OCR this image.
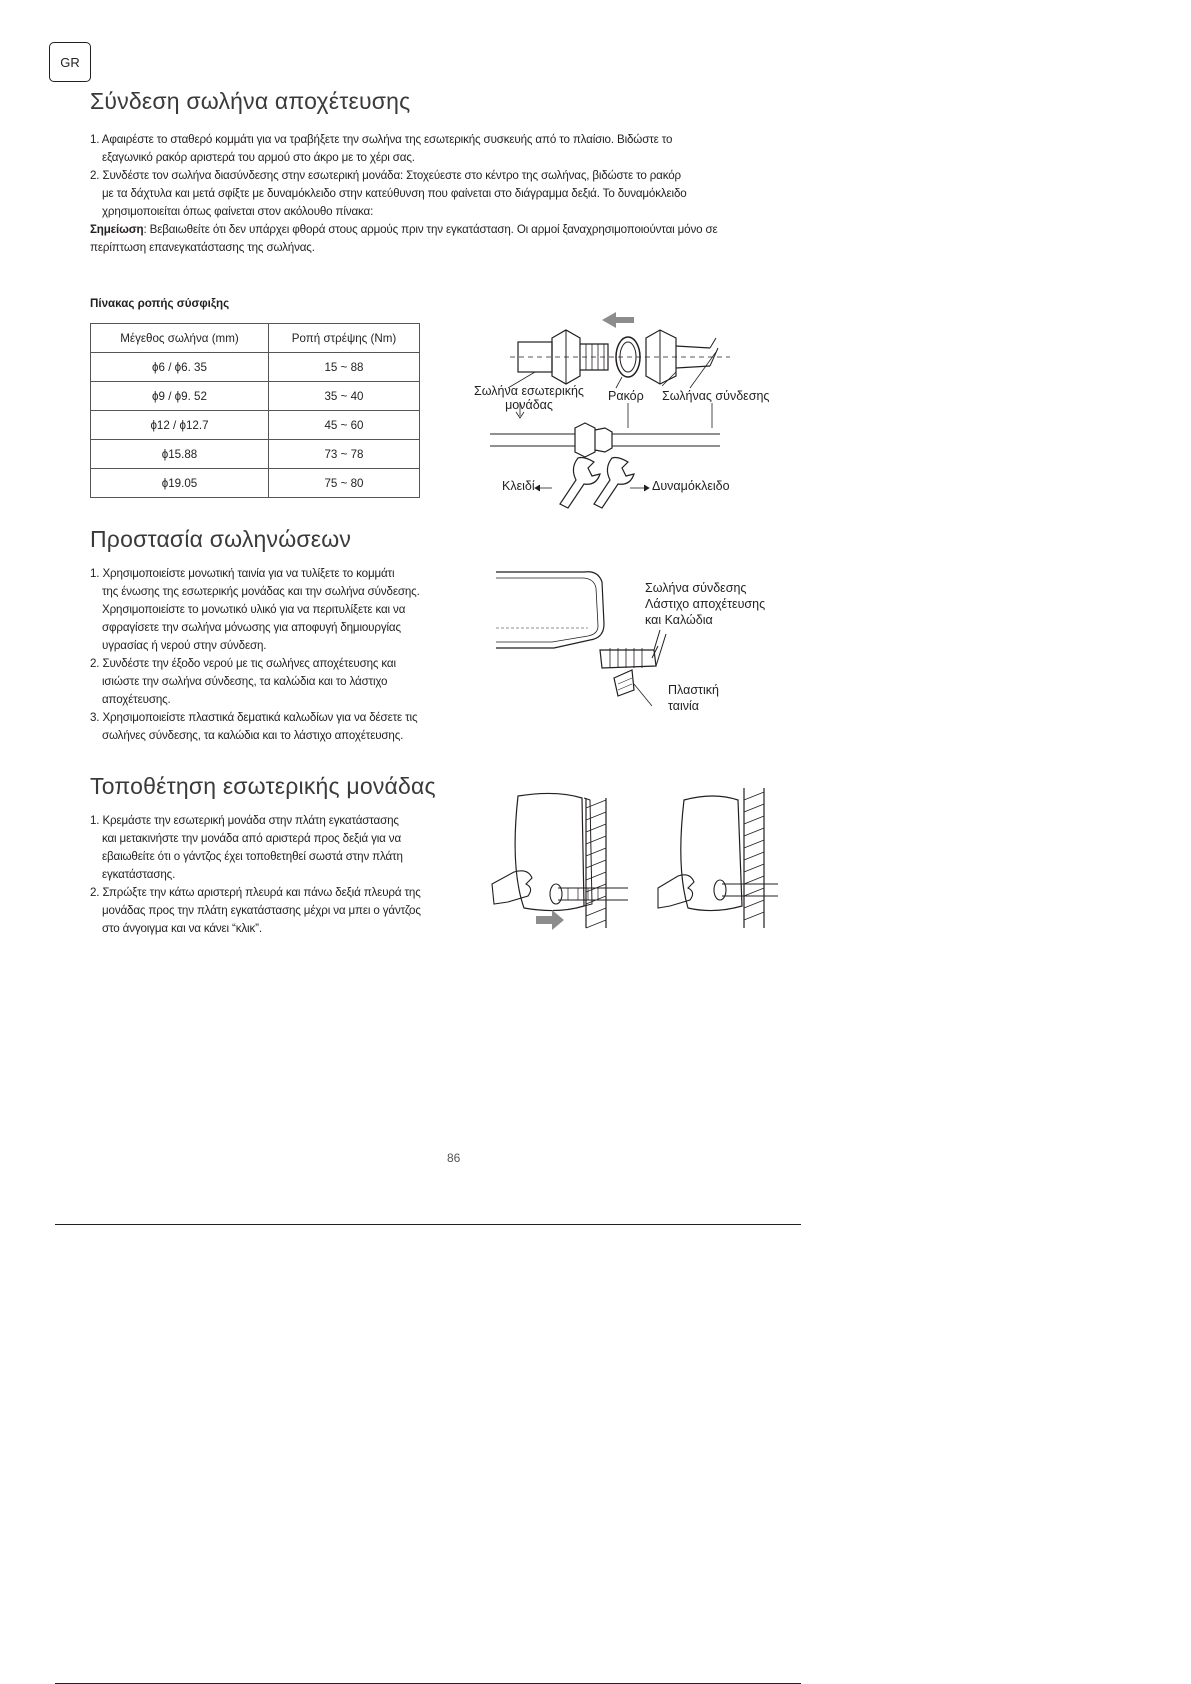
GR
Σύνδεση σωλήνα αποχέτευσης

1. Αφαιρέστε το σταθερό κομμάτι για να τραβήξετε την σωλήνα της εσωτερικής συσκευής από το πλαίσιο. Βιδώστε το

εξαγωνικό ρακόρ αριστερά του αρμού στο άκρο με το χέρι σας.

2. Συνδέστε τον σωλήνα διασύνδεσης στην εσωτερική μονάδα: Στοχεύεστε στο κέντρο της σωλήνας, βιδώστε το ρακόρ

με τα δάχτυλα και μετά σφίξτε με δυναμόκλειδο στην κατεύθυνση που φαίνεται στο διάγραμμα δεξιά. Το δυναμόκλειδο

χρησιμοποιείται όπως φαίνεται στον ακόλουθο πίνακα:

Σημείωση: Βεβαιωθείτε ότι δεν υπάρχει φθορά στους αρμούς πριν την εγκατάσταση. Οι αρμοί ξαναχρησιμοποιούνται μόνο σε

περίπτωση επανεγκατάστασης της σωλήνας.

Πίνακας ροπής σύσφιξης
Μέγεθος σωλήνα (mm)	Ροπή στρέψης (Nm)
ϕ6 / ϕ6. 35	15 ~ 88
ϕ9 / ϕ9. 52	35 ~ 40
ϕ12 / ϕ12.7	45 ~ 60
ϕ15.88	73 ~ 78
ϕ19.05	75 ~ 80
Σωλήνα εσωτερικής
μονάδας
Ρακόρ Σωλήνας σύνδεσης
Κλειδί	Δυναμόκλειδο
Προστασία σωληνώσεων

1. Χρησιμοποιείστε μονωτική ταινία για να τυλίξετε το κομμάτι

της ένωσης της εσωτερικής μονάδας και την σωλήνα σύνδεσης.

Χρησιμοποιείστε το μονωτικό υλικό για να περιτυλίξετε και να

σφραγίσετε την σωλήνα μόνωσης για αποφυγή δημιουργίας

υγρασίας ή νερού στην σύνδεση.

2. Συνδέστε την έξοδο νερού με τις σωλήνες αποχέτευσης και

ισιώστε την σωλήνα σύνδεσης, τα καλώδια και το λάστιχο

αποχέτευσης.

3. Χρησιμοποιείστε πλαστικά δεματικά καλωδίων για να δέσετε τις

σωλήνες σύνδεσης, τα καλώδια και το λάστιχο αποχέτευσης.

Σωλήνα σύνδεσης
Λάστιχο αποχέτευσης
και Καλώδια
Πλαστική
ταινία
Τοποθέτηση εσωτερικής μονάδας

1. Κρεμάστε την εσωτερική μονάδα στην πλάτη εγκατάστασης

και μετακινήστε την μονάδα από αριστερά προς δεξιά για να

εβαιωθείτε ότι ο γάντζος έχει τοποθετηθεί σωστά στην πλάτη

εγκατάστασης.

2. Σπρώξτε την κάτω αριστερή πλευρά και πάνω δεξιά πλευρά της

μονάδας προς την πλάτη εγκατάστασης μέχρι να μπει ο γάντζος

στο άνγοιγμα και να κάνει “κλικ”.

86
